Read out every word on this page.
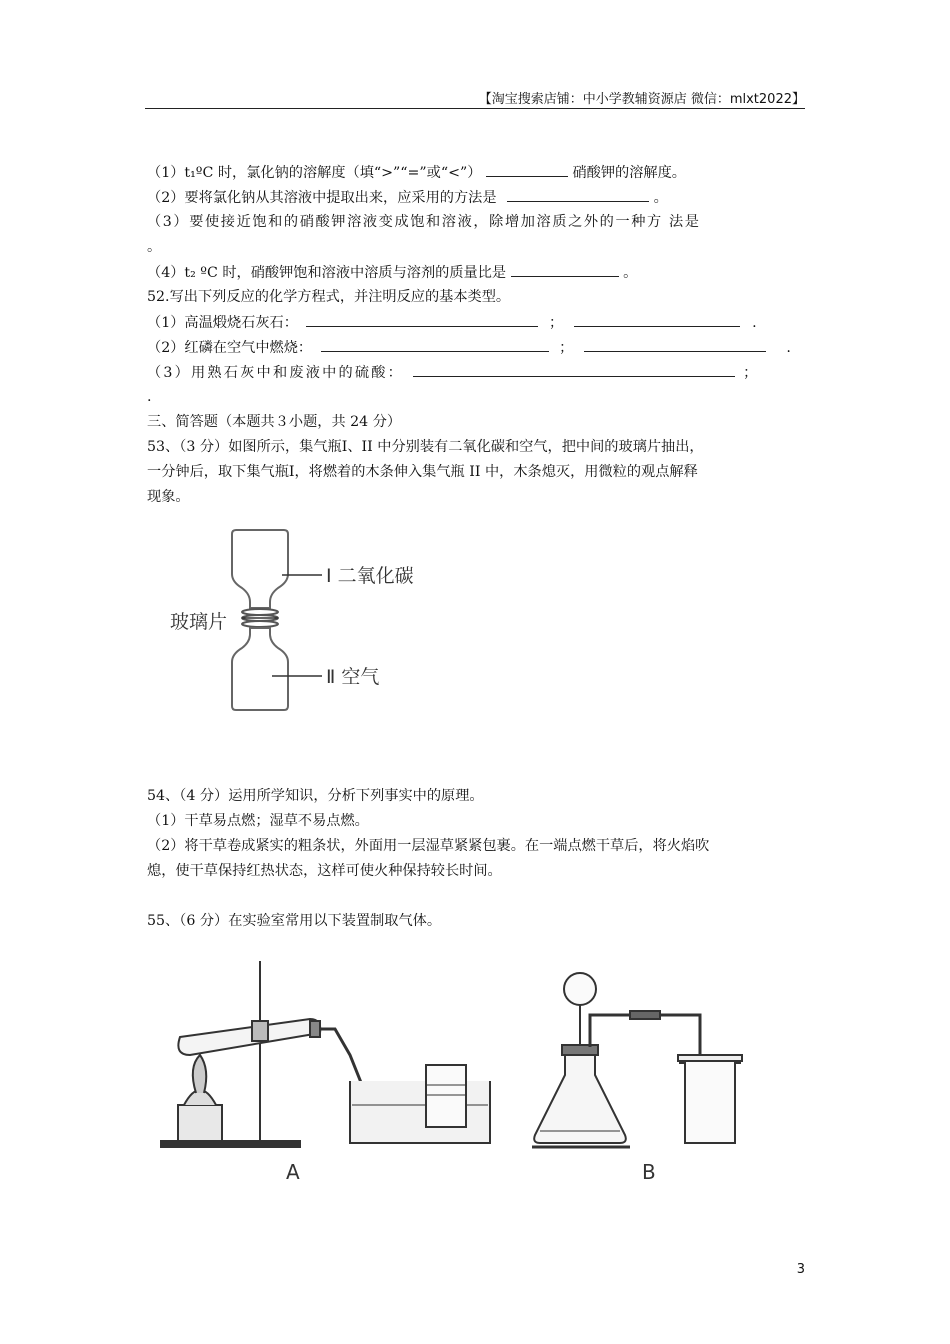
【淘宝搜索店铺：中小学教辅资源店 微信：mlxt2022】
（1）t₁ºC 时，氯化钠的溶解度（填“>”“=”或“<”）	硝酸钾的溶解度。
（2）要将氯化钠从其溶液中提取出来，应采用的方法是	。
（3）要使接近饱和的硝酸钾溶液变成饱和溶液，除增加溶质之外的一种方 法是
。
（4）t₂ ºC 时，硝酸钾饱和溶液中溶质与溶剂的质量比是	。
52.写出下列反应的化学方程式，并注明反应的基本类型。
（1）高温煅烧石灰石：	；	.
（2）红磷在空气中燃烧：	；	.
（3）用熟石灰中和废液中的硫酸：	；
.
三、简答题（本题共３小题，共 24 分）
53、（3 分）如图所示，集气瓶Ⅰ、II 中分别装有二氧化碳和空气，把中间的玻璃片抽出，
一分钟后，取下集气瓶Ⅰ，将燃着的木条伸入集气瓶 II 中，木条熄灭，用微粒的观点解释
现象。
Ⅰ 二氧化碳
玻璃片
Ⅱ 空气
54、（4 分）运用所学知识，分析下列事实中的原理。
（1）干草易点燃；湿草不易点燃。
（2）将干草卷成紧实的粗条状，外面用一层湿草紧紧包裹。在一端点燃干草后，将火焰吹
熄，使干草保持红热状态，这样可使火种保持较长时间。
55、（6 分）在实验室常用以下装置制取气体。
A	B
3
